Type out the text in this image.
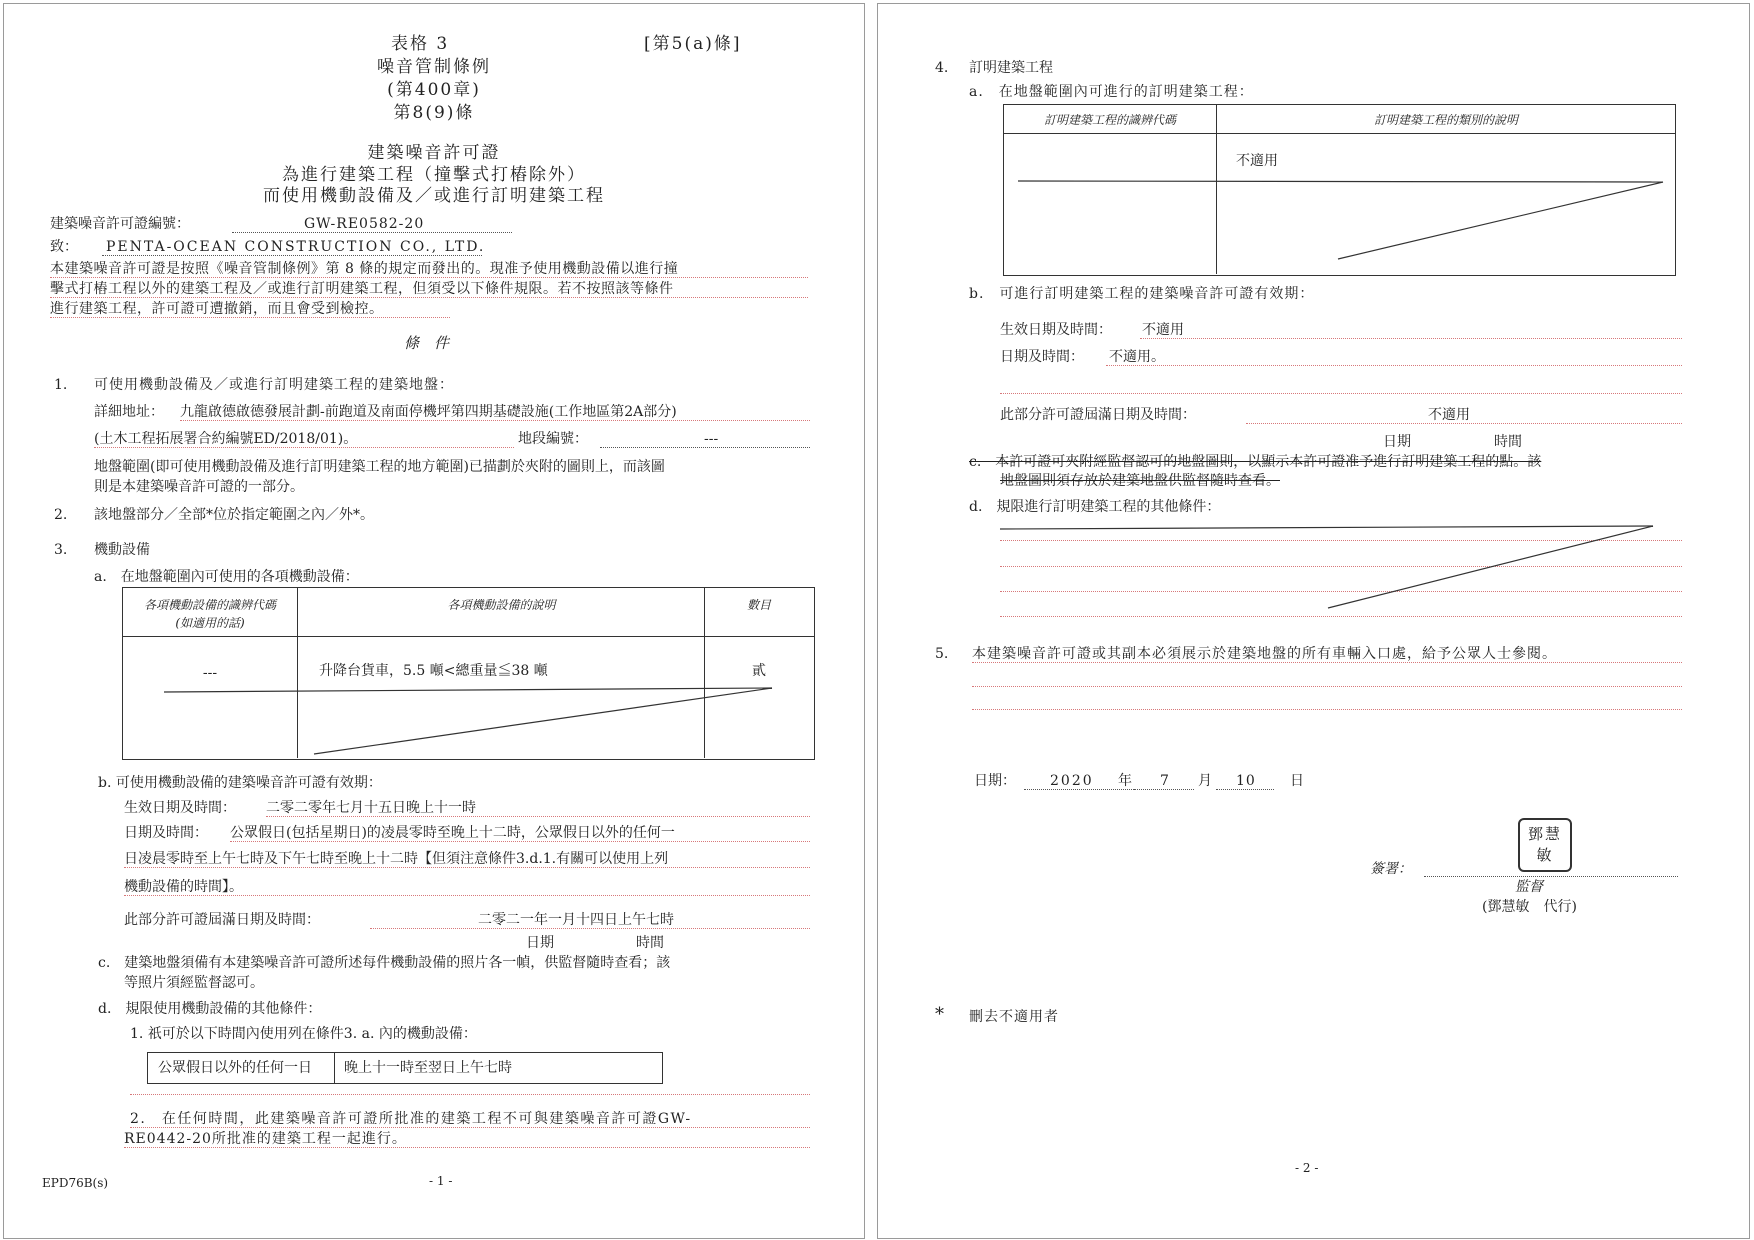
表格 3	[第5(a)條]
噪音管制條例
(第400章)
第8(9)條
建築噪音許可證
為進行建築工程（撞擊式打樁除外）
而使用機動設備及／或進行訂明建築工程
建築噪音許可證編號：	GW-RE0582-20
致： PENTA-OCEAN CONSTRUCTION CO., LTD.
本建築噪音許可證是按照《噪音管制條例》第 8 條的規定而發出的。現准予使用機動設備以進行撞
擊式打樁工程以外的建築工程及／或進行訂明建築工程，但須受以下條件規限。若不按照該等條件
進行建築工程，許可證可遭撤銷，而且會受到檢控。
條　件
1. 可使用機動設備及／或進行訂明建築工程的建築地盤：
詳細地址： 九龍啟德啟德發展計劃-前跑道及南面停機坪第四期基礎設施(工作地區第2A部分)
(土木工程拓展署合約編號ED/2018/01)。	地段編號：	---
地盤範圍(即可使用機動設備及進行訂明建築工程的地方範圍)已描劃於夾附的圖則上，而該圖
則是本建築噪音許可證的一部分。
2. 該地盤部分／全部*位於指定範圍之內／外*。
3. 機動設備
a.　在地盤範圍內可使用的各項機動設備：
各項機動設備的識辨代碼
(如適用的話)
各項機動設備的說明	數目
---	升降台貨車，5.5 噸<總重量≦38 噸	貳
b. 可使用機動設備的建築噪音許可證有效期：
生效日期及時間： 二零二零年七月十五日晚上十一時
日期及時間： 公眾假日(包括星期日)的凌晨零時至晚上十二時，公眾假日以外的任何一
日凌晨零時至上午七時及下午七時至晚上十二時【但須注意條件3.d.1.有關可以使用上列
機動設備的時間】。
此部分許可證屆滿日期及時間：	二零二一年一月十四日上午七時
日期	時間
c.　建築地盤須備有本建築噪音許可證所述每件機動設備的照片各一幀，供監督隨時查看；該
等照片須經監督認可。
d.　規限使用機動設備的其他條件：
1. 祇可於以下時間內使用列在條件3. a. 內的機動設備：
公眾假日以外的任何一日 晚上十一時至翌日上午七時
2.　在任何時間，此建築噪音許可證所批准的建築工程不可與建築噪音許可證GW-
RE0442-20所批准的建築工程一起進行。
EPD76B(s)	- 1 -
4. 訂明建築工程
a.　在地盤範圍內可進行的訂明建築工程：
訂明建築工程的識辨代碼	訂明建築工程的類別的說明
不適用
b.　可進行訂明建築工程的建築噪音許可證有效期：
生效日期及時間： 不適用
日期及時間： 不適用。
此部分許可證屆滿日期及時間：	不適用
日期	時間
c.　本許可證可夾附經監督認可的地盤圖則，以顯示本許可證准予進行訂明建築工程的點。該
地盤圖則須存放於建築地盤供監督隨時查看。
d.　規限進行訂明建築工程的其他條件：
5. 本建築噪音許可證或其副本必須展示於建築地盤的所有車輛入口處，給予公眾人士參閱。
日期： 2020 年 7 月 10 日
鄧慧敏
簽署：
監督
(鄧慧敏　代行)
* 刪去不適用者
- 2 -
